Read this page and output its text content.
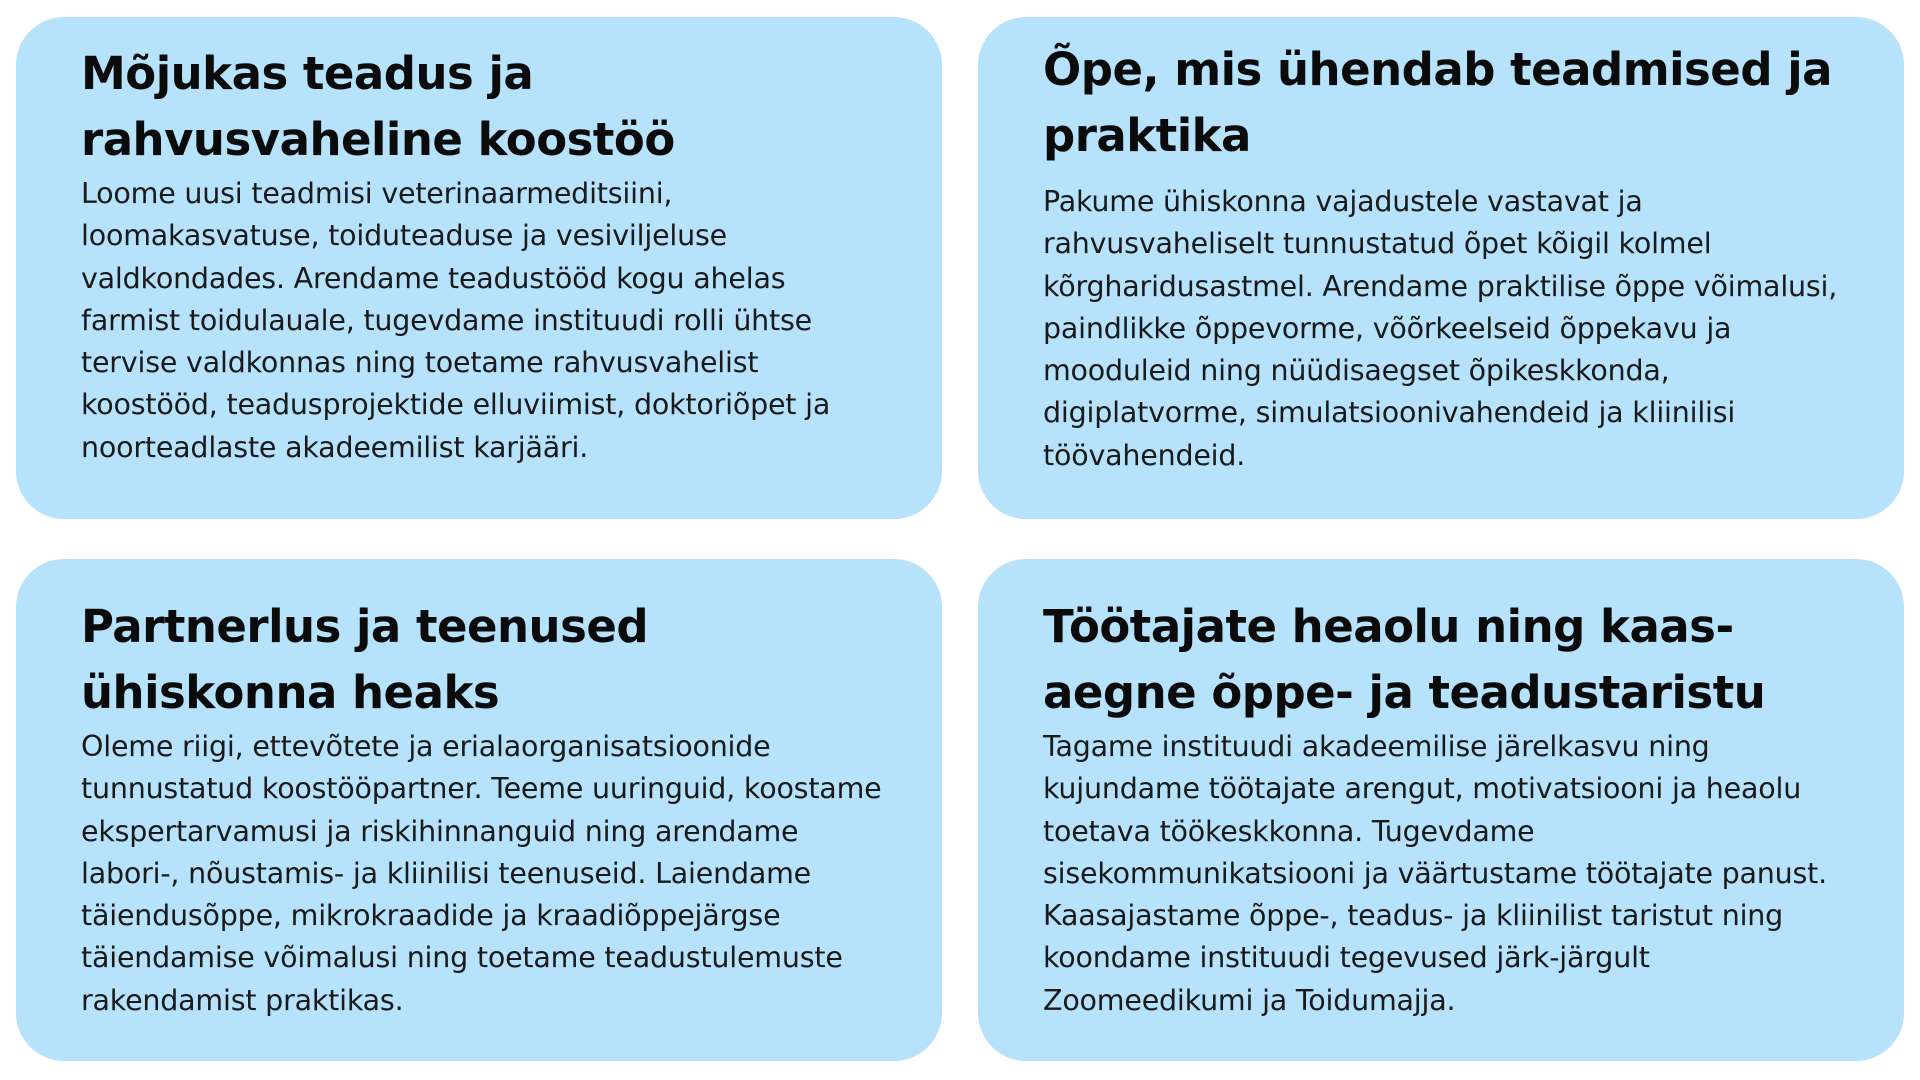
Mõjukas teadus ja rahvusvaheline koostöö

Loome uusi teadmisi veterinaarmeditsiini, loomakasvatuse, toiduteaduse ja vesiviljeluse valdkondades. Arendame teadustööd kogu ahelas farmist toidulauale, tugevdame instituudi rolli ühtse tervise valdkonnas ning toetame rahvusvahelist koostööd, teadusprojektide elluviimist, doktoriõpet ja noorteadlaste akadeemilist karjääri.

Õpe, mis ühendab teadmised ja praktika

Pakume ühiskonna vajadustele vastavat ja rahvusvaheliselt tunnustatud õpet kõigil kolmel kõrgharidusastmel. Arendame praktilise õppe võimalusi, paindlikke õppevorme, võõrkeelseid õppekavu ja mooduleid ning nüüdisaegset õpikeskkonda, digiplatvorme, simulatsioonivahendeid ja kliinilisi töövahendeid.

Partnerlus ja teenused ühiskonna heaks

Oleme riigi, ettevõtete ja erialaorganisatsioonide tunnustatud koostööpartner. Teeme uuringuid, koostame ekspertarvamusi ja riskihinnanguid ning arendame labori-, nõustamis- ja kliinilisi teenuseid. Laiendame täiendusõppe, mikrokraadide ja kraadiõppejärgse täiendamise võimalusi ning toetame teadustulemuste rakendamist praktikas.

Töötajate heaolu ning kaas-aegne õppe- ja teadustaristu

Tagame instituudi akadeemilise järelkasvu ning kujundame töötajate arengut, motivatsiooni ja heaolu toetava töökeskkonna. Tugevdame sisekommunikatsiooni ja väärtustame töötajate panust. Kaasajastame õppe-, teadus- ja kliinilist taristut ning koondame instituudi tegevused järk-järgult Zoomeedikumi ja Toidumajja.
